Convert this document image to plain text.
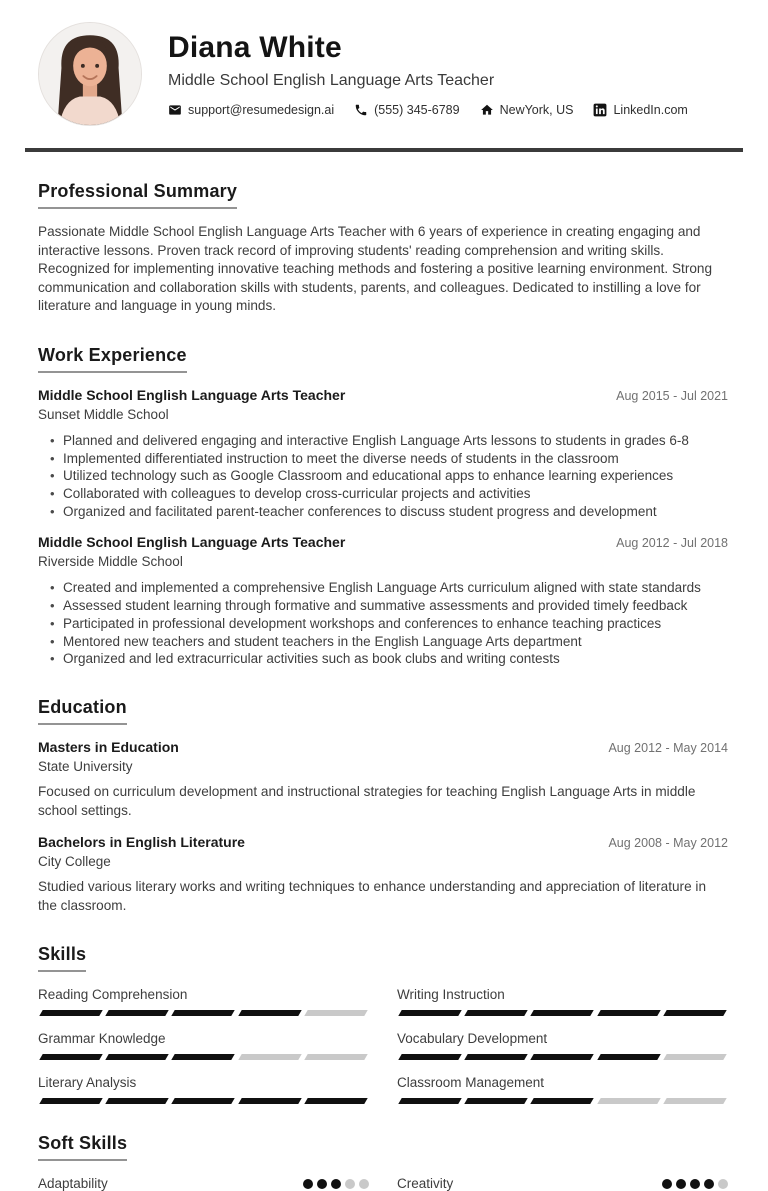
Diana White
Middle School English Language Arts Teacher
support@resumedesign.ai	(555) 345-6789	NewYork, US	LinkedIn.com
Professional Summary

Passionate Middle School English Language Arts Teacher with 6 years of experience in creating engaging and interactive lessons. Proven track record of improving students' reading comprehension and writing skills. Recognized for implementing innovative teaching methods and fostering a positive learning environment. Strong communication and collaboration skills with students, parents, and colleagues. Dedicated to instilling a love for literature and language in young minds.

Work Experience
Middle School English Language Arts Teacher	Aug 2015 - Jul 2021
Sunset Middle School
• Planned and delivered engaging and interactive English Language Arts lessons to students in grades 6-8
• Implemented differentiated instruction to meet the diverse needs of students in the classroom
• Utilized technology such as Google Classroom and educational apps to enhance learning experiences
• Collaborated with colleagues to develop cross-curricular projects and activities
• Organized and facilitated parent-teacher conferences to discuss student progress and development
Middle School English Language Arts Teacher	Aug 2012 - Jul 2018
Riverside Middle School
• Created and implemented a comprehensive English Language Arts curriculum aligned with state standards
• Assessed student learning through formative and summative assessments and provided timely feedback
• Participated in professional development workshops and conferences to enhance teaching practices
• Mentored new teachers and student teachers in the English Language Arts department
• Organized and led extracurricular activities such as book clubs and writing contests
Education
Masters in Education	Aug 2012 - May 2014
State University

Focused on curriculum development and instructional strategies for teaching English Language Arts in middle school settings.

Bachelors in English Literature	Aug 2008 - May 2012
City College

Studied various literary works and writing techniques to enhance understanding and appreciation of literature in the classroom.

Skills
Reading Comprehension	Writing Instruction
Grammar Knowledge	Vocabulary Development
Literary Analysis	Classroom Management
Soft Skills
Adaptability	Creativity
